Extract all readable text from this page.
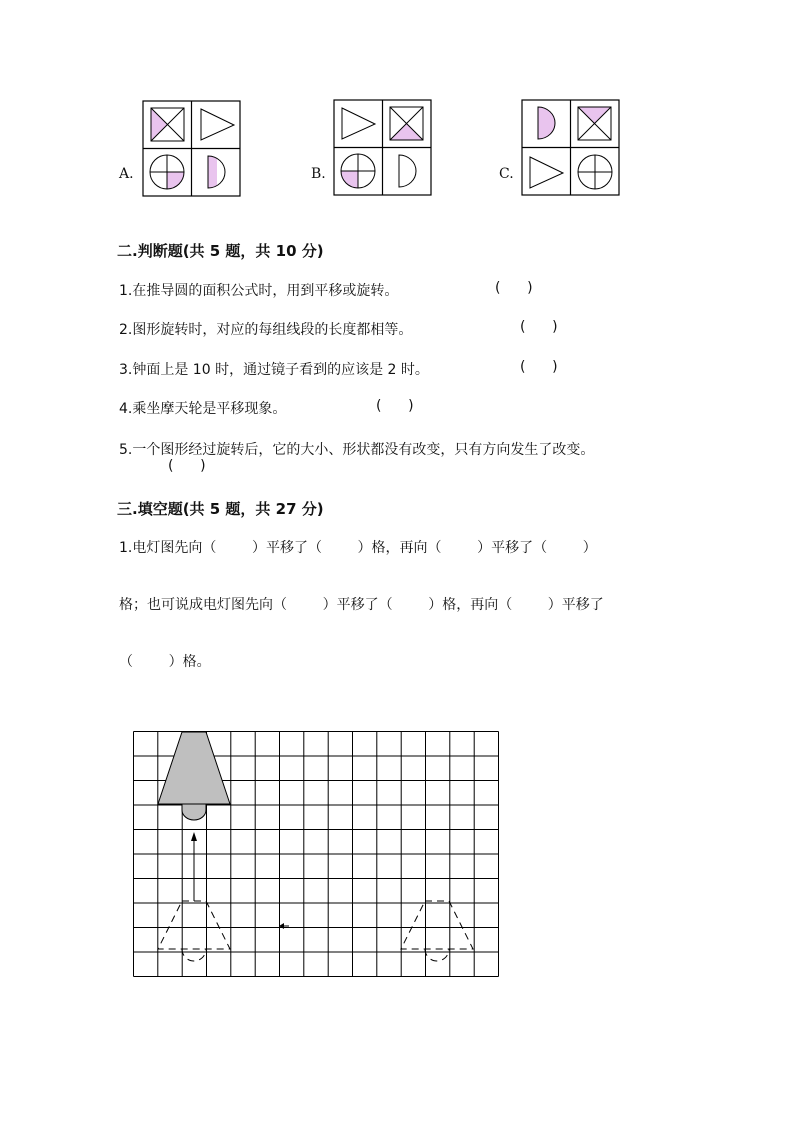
A.	B.	C.
二.判断题(共 5 题，共 10 分)
1.在推导圆的面积公式时，用到平移或旋转。	(      )
2.图形旋转时，对应的每组线段的长度都相等。	(      )
3.钟面上是 10 时，通过镜子看到的应该是 2 时。	(      )
4.乘坐摩天轮是平移现象。	(      )
5.一个图形经过旋转后，它的大小、形状都没有改变，只有方向发生了改变。
(      )
三.填空题(共 5 题，共 27 分)
1.电灯图先向（        ）平移了（        ）格，再向（        ）平移了（        ）
格；也可说成电灯图先向（        ）平移了（        ）格，再向（        ）平移了
（        ）格。
